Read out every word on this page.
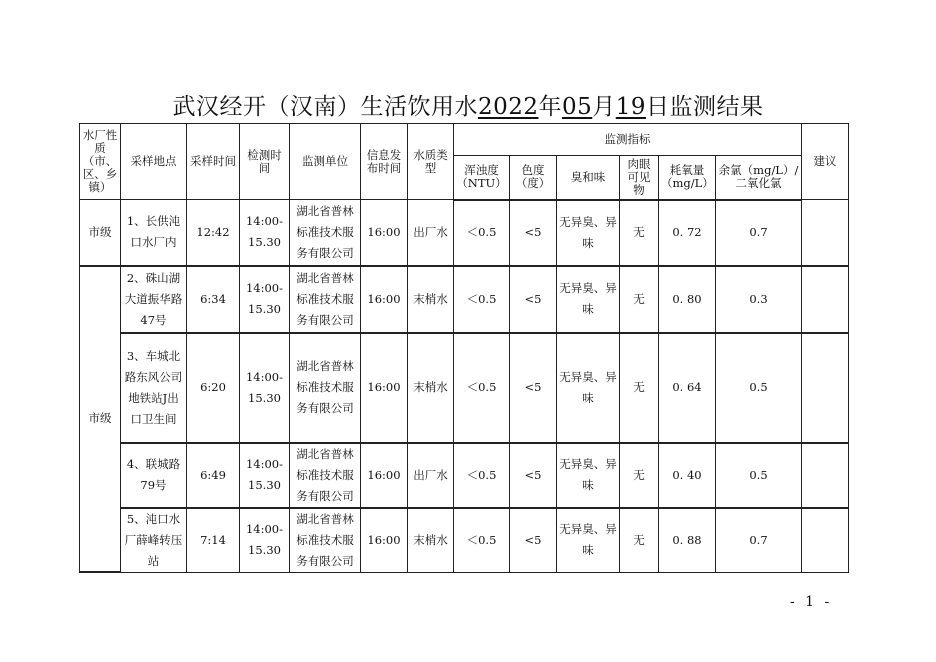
武汉经开（汉南）生活饮用水2022年05月19日监测结果
水厂性质（市、区、乡镇）	采样地点	采样时间	检测时间	监测单位	信息发布时间	水质类型	监测指标						建议
							浑浊度（NTU）	色度（度）	臭和味	肉眼可见物	耗氧量（mg/L）	余氯（mg/L）/二氧化氯	
市级	1、长供沌口水厂内	12:42	14:00-15.30	湖北省普林标准技术服务有限公司	16:00	出厂水	＜0.5	<5	无异臭、异味	无	0. 72	0.7	
市级	2、硃山湖大道振华路47号	6:34	14:00-15.30	湖北省普林标准技术服务有限公司	16:00	末梢水	＜0.5	<5	无异臭、异味	无	0. 80	0.3	
	3、车城北路东风公司地铁站J出口卫生间	6:20	14:00-15.30	湖北省普林标准技术服务有限公司	16:00	末梢水	＜0.5	<5	无异臭、异味	无	0. 64	0.5	
	4、联城路79号	6:49	14:00-15.30	湖北省普林标准技术服务有限公司	16:00	出厂水	＜0.5	<5	无异臭、异味	无	0. 40	0.5	
	5、沌口水厂薛峰转压站	7:14	14:00-15.30	湖北省普林标准技术服务有限公司	16:00	末梢水	＜0.5	<5	无异臭、异味	无	0. 88	0.7	
- 1 -
